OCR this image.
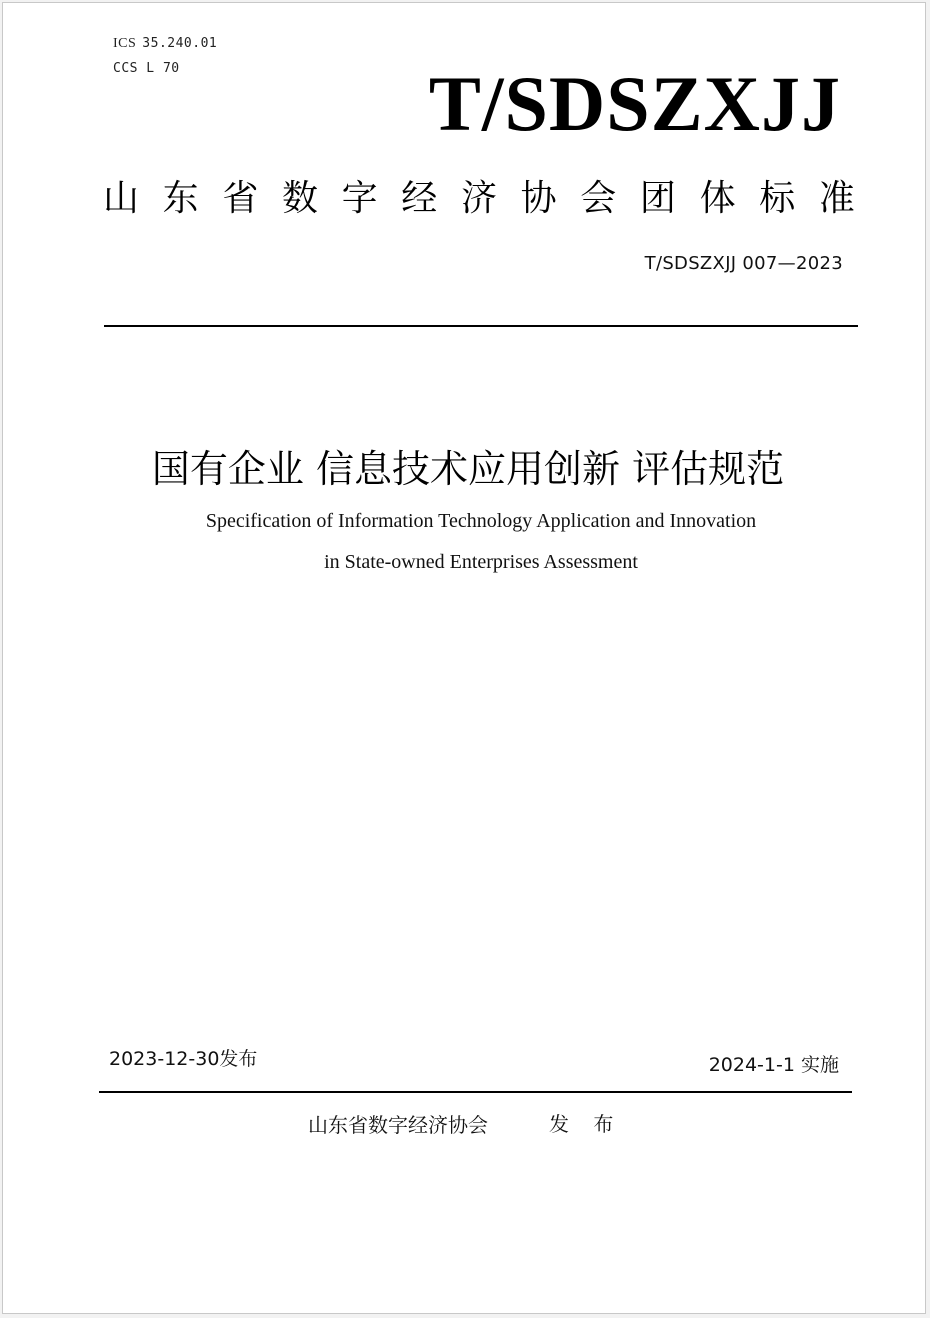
ICS 35.240.01
CCS L 70	T/SDSZXJJ
山 东 省 数 字 经 济 协 会 团 体 标 准
T/SDSZXJJ 007—2023
国有企业 信息技术应用创新 评估规范
Specification of Information Technology Application and Innovation
in State-owned Enterprises Assessment
2023-12-30发布	2024-1-1 实施
山东省数字经济协会	发 布
